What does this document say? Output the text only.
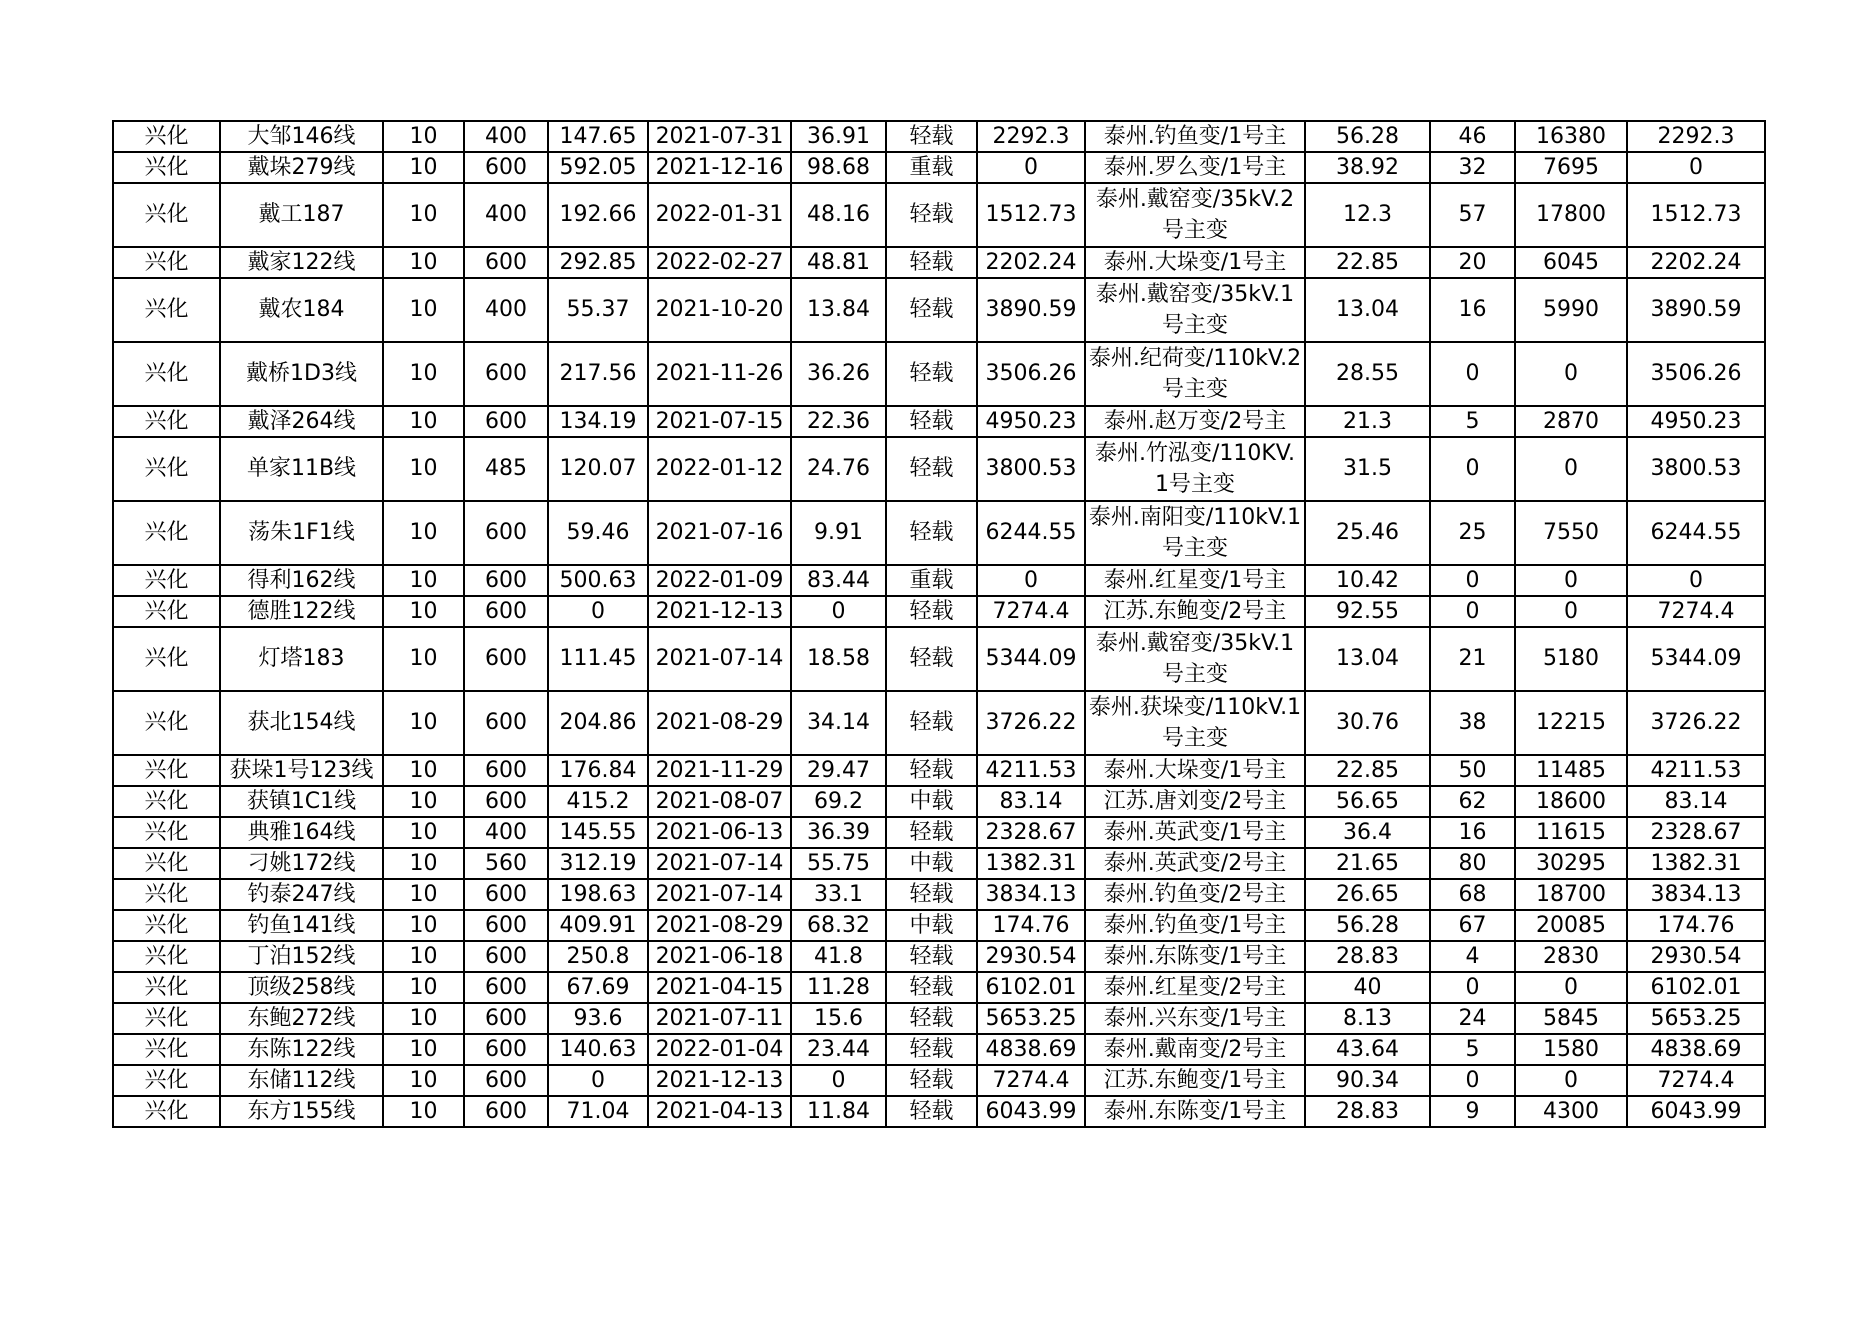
兴化	大邹146线	10	400	147.65	2021-07-31	36.91	轻载	2292.3	泰州.钓鱼变/1号主	56.28	46	16380	2292.3
兴化	戴垛279线	10	600	592.05	2021-12-16	98.68	重载	0	泰州.罗么变/1号主	38.92	32	7695	0
兴化	戴工187	10	400	192.66	2022-01-31	48.16	轻载	1512.73	泰州.戴窑变/35kV.2号主变	12.3	57	17800	1512.73
兴化	戴家122线	10	600	292.85	2022-02-27	48.81	轻载	2202.24	泰州.大垛变/1号主	22.85	20	6045	2202.24
兴化	戴农184	10	400	55.37	2021-10-20	13.84	轻载	3890.59	泰州.戴窑变/35kV.1号主变	13.04	16	5990	3890.59
兴化	戴桥1D3线	10	600	217.56	2021-11-26	36.26	轻载	3506.26	泰州.纪荷变/110kV.2号主变	28.55	0	0	3506.26
兴化	戴泽264线	10	600	134.19	2021-07-15	22.36	轻载	4950.23	泰州.赵万变/2号主	21.3	5	2870	4950.23
兴化	单家11B线	10	485	120.07	2022-01-12	24.76	轻载	3800.53	泰州.竹泓变/110KV.1号主变	31.5	0	0	3800.53
兴化	荡朱1F1线	10	600	59.46	2021-07-16	9.91	轻载	6244.55	泰州.南阳变/110kV.1号主变	25.46	25	7550	6244.55
兴化	得利162线	10	600	500.63	2022-01-09	83.44	重载	0	泰州.红星变/1号主	10.42	0	0	0
兴化	德胜122线	10	600	0	2021-12-13	0	轻载	7274.4	江苏.东鲍变/2号主	92.55	0	0	7274.4
兴化	灯塔183	10	600	111.45	2021-07-14	18.58	轻载	5344.09	泰州.戴窑变/35kV.1号主变	13.04	21	5180	5344.09
兴化	获北154线	10	600	204.86	2021-08-29	34.14	轻载	3726.22	泰州.获垛变/110kV.1号主变	30.76	38	12215	3726.22
兴化	获垛1号123线	10	600	176.84	2021-11-29	29.47	轻载	4211.53	泰州.大垛变/1号主	22.85	50	11485	4211.53
兴化	获镇1C1线	10	600	415.2	2021-08-07	69.2	中载	83.14	江苏.唐刘变/2号主	56.65	62	18600	83.14
兴化	典雅164线	10	400	145.55	2021-06-13	36.39	轻载	2328.67	泰州.英武变/1号主	36.4	16	11615	2328.67
兴化	刁姚172线	10	560	312.19	2021-07-14	55.75	中载	1382.31	泰州.英武变/2号主	21.65	80	30295	1382.31
兴化	钓泰247线	10	600	198.63	2021-07-14	33.1	轻载	3834.13	泰州.钓鱼变/2号主	26.65	68	18700	3834.13
兴化	钓鱼141线	10	600	409.91	2021-08-29	68.32	中载	174.76	泰州.钓鱼变/1号主	56.28	67	20085	174.76
兴化	丁泊152线	10	600	250.8	2021-06-18	41.8	轻载	2930.54	泰州.东陈变/1号主	28.83	4	2830	2930.54
兴化	顶级258线	10	600	67.69	2021-04-15	11.28	轻载	6102.01	泰州.红星变/2号主	40	0	0	6102.01
兴化	东鲍272线	10	600	93.6	2021-07-11	15.6	轻载	5653.25	泰州.兴东变/1号主	8.13	24	5845	5653.25
兴化	东陈122线	10	600	140.63	2022-01-04	23.44	轻载	4838.69	泰州.戴南变/2号主	43.64	5	1580	4838.69
兴化	东储112线	10	600	0	2021-12-13	0	轻载	7274.4	江苏.东鲍变/1号主	90.34	0	0	7274.4
兴化	东方155线	10	600	71.04	2021-04-13	11.84	轻载	6043.99	泰州.东陈变/1号主	28.83	9	4300	6043.99
